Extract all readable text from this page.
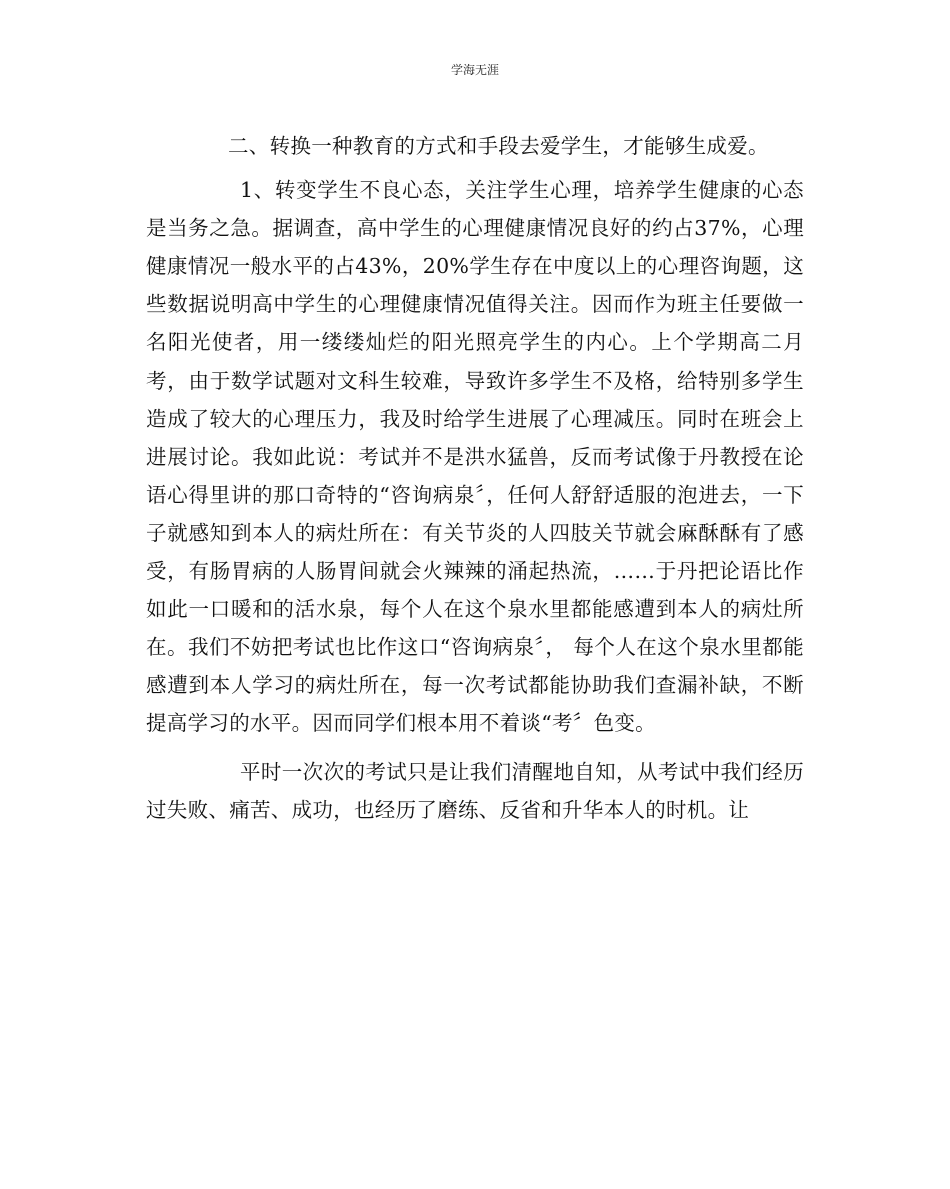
学海无涯

二、转换一种教育的方式和手段去爱学生，才能够生成爱。

1、转变学生不良心态，关注学生心理，培养学生健康的心态是当务之急。据调查，高中学生的心理健康情况良好的约占37%，心理健康情况一般水平的占43%，20%学生存在中度以上的心理咨询题，这些数据说明高中学生的心理健康情况值得关注。因而作为班主任要做一名阳光使者，用一缕缕灿烂的阳光照亮学生的内心。上个学期高二月考，由于数学试题对文科生较难，导致许多学生不及格，给特别多学生造成了较大的心理压力，我及时给学生进展了心理减压。同时在班会上进展讨论。我如此说：考试并不是洪水猛兽，反而考试像于丹教授在论语心得里讲的那口奇特的“咨询病泉〞，任何人舒舒适服的泡进去，一下子就感知到本人的病灶所在：有关节炎的人四肢关节就会麻酥酥有了感受，有肠胃病的人肠胃间就会火辣辣的涌起热流，……于丹把论语比作如此一口暖和的活水泉，每个人在这个泉水里都能感遭到本人的病灶所在。我们不妨把考试也比作这口“咨询病泉〞， 每个人在这个泉水里都能感遭到本人学习的病灶所在，每一次考试都能协助我们查漏补缺，不断提高学习的水平。因而同学们根本用不着谈“考〞色变。

平时一次次的考试只是让我们清醒地自知，从考试中我们经历过失败、痛苦、成功，也经历了磨练、反省和升华本人的时机。让
